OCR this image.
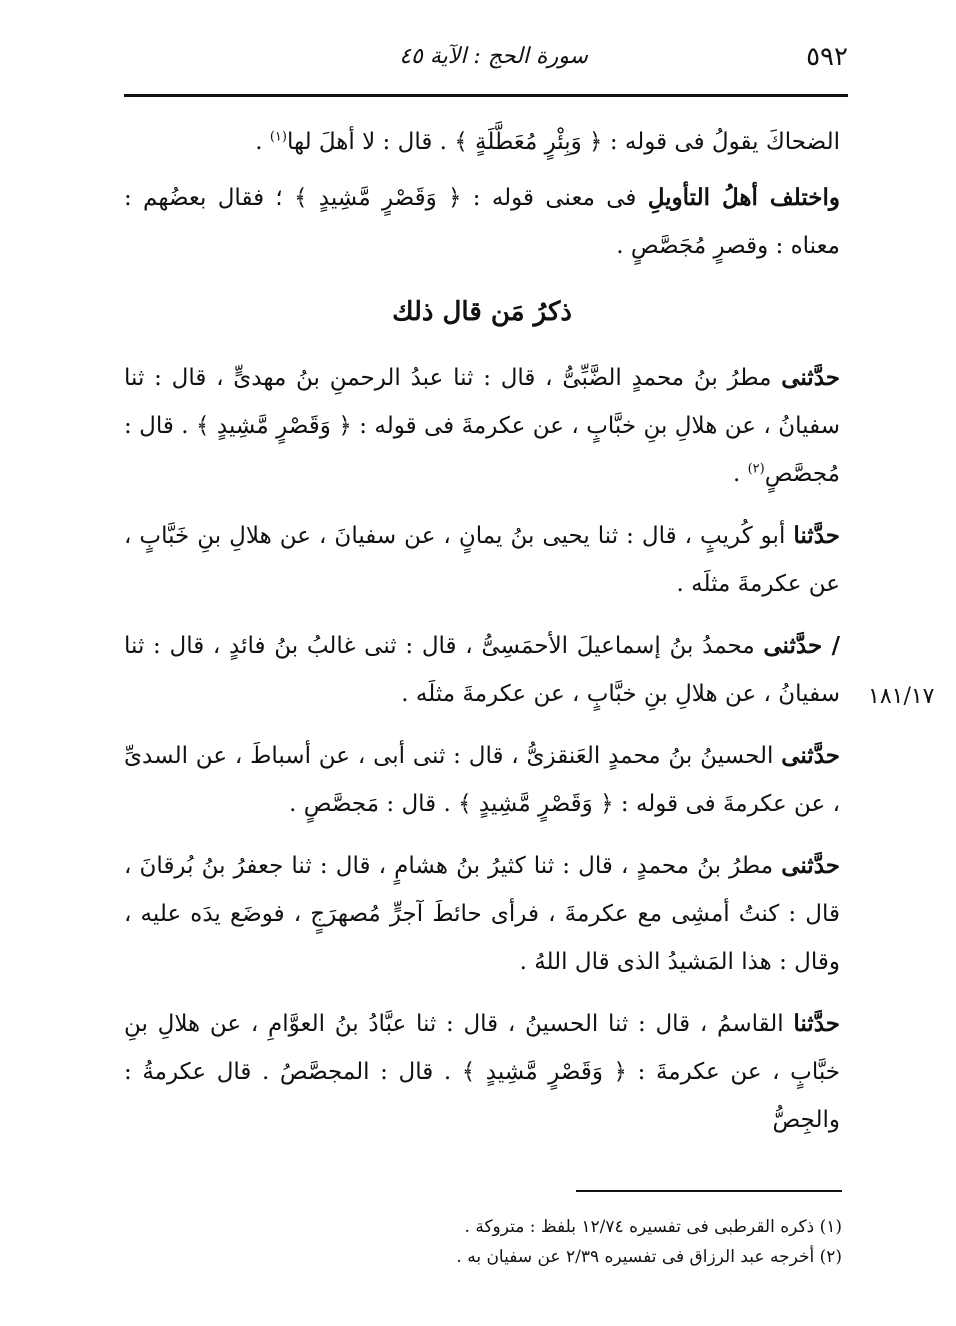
٥٩٢
سورة الحج : الآية ٤٥
١٨١/١٧

الضحاكَ يقولُ فى قوله : ﴿ وَبِئْرٍ مُعَطَّلَةٍ ﴾ . قال : لا أهلَ لها$^{(١)}$ .

واختلف أهلُ التأويلِ فى معنى قوله : ﴿ وَقَصْرٍ مَّشِيدٍ ﴾ ؛ فقال بعضُهم : معناه : وقصرٍ مُجَصَّصٍ .

ذكرُ مَن قال ذلك

حدَّثنى مطرُ بنُ محمدٍ الضَّبِّىُّ ، قال : ثنا عبدُ الرحمنِ بنُ مهدىٍّ ، قال : ثنا سفيانُ ، عن هلالِ بنِ خبَّابٍ ، عن عكرمةَ فى قوله : ﴿ وَقَصْرٍ مَّشِيدٍ ﴾ . قال : مُجصَّصٍ$^{(٢)}$ .

حدَّثنا أبو كُريبٍ ، قال : ثنا يحيى بنُ يمانٍ ، عن سفيانَ ، عن هلالِ بنِ خَبَّابٍ ، عن عكرمةَ مثلَه .

/ حدَّثنى محمدُ بنُ إسماعيلَ الأحمَسِىُّ ، قال : ثنى غالبُ بنُ فائدٍ ، قال : ثنا سفيانُ ، عن هلالِ بنِ خبَّابٍ ، عن عكرمةَ مثلَه .

حدَّثنى الحسينُ بنُ محمدٍ العَنقزىُّ ، قال : ثنى أبى ، عن أسباطَ ، عن السدىِّ ، عن عكرمةَ فى قوله : ﴿ وَقَصْرٍ مَّشِيدٍ ﴾ . قال : مَجصَّصٍ .

حدَّثنى مطرُ بنُ محمدٍ ، قال : ثنا كثيرُ بنُ هشامٍ ، قال : ثنا جعفرُ بنُ بُرقانَ ، قال : كنتُ أمشِى مع عكرمةَ ، فرأى حائطَ آجرٍّ مُصهرَجٍ ، فوضَع يدَه عليه ، وقال : هذا المَشيدُ الذى قال اللهُ .

حدَّثنا القاسمُ ، قال : ثنا الحسينُ ، قال : ثنا عبَّادُ بنُ العوَّامِ ، عن هلالِ بنِ خبَّابٍ ، عن عكرمةَ : ﴿ وَقَصْرٍ مَّشِيدٍ ﴾ . قال : المجصَّصُ . قال عكرمةُ : والجِصُّ

(١) ذكره القرطبى فى تفسيره ١٢/٧٤ بلفظ : متروكة .

(٢) أخرجه عبد الرزاق فى تفسيره ٢/٣٩ عن سفيان به .
